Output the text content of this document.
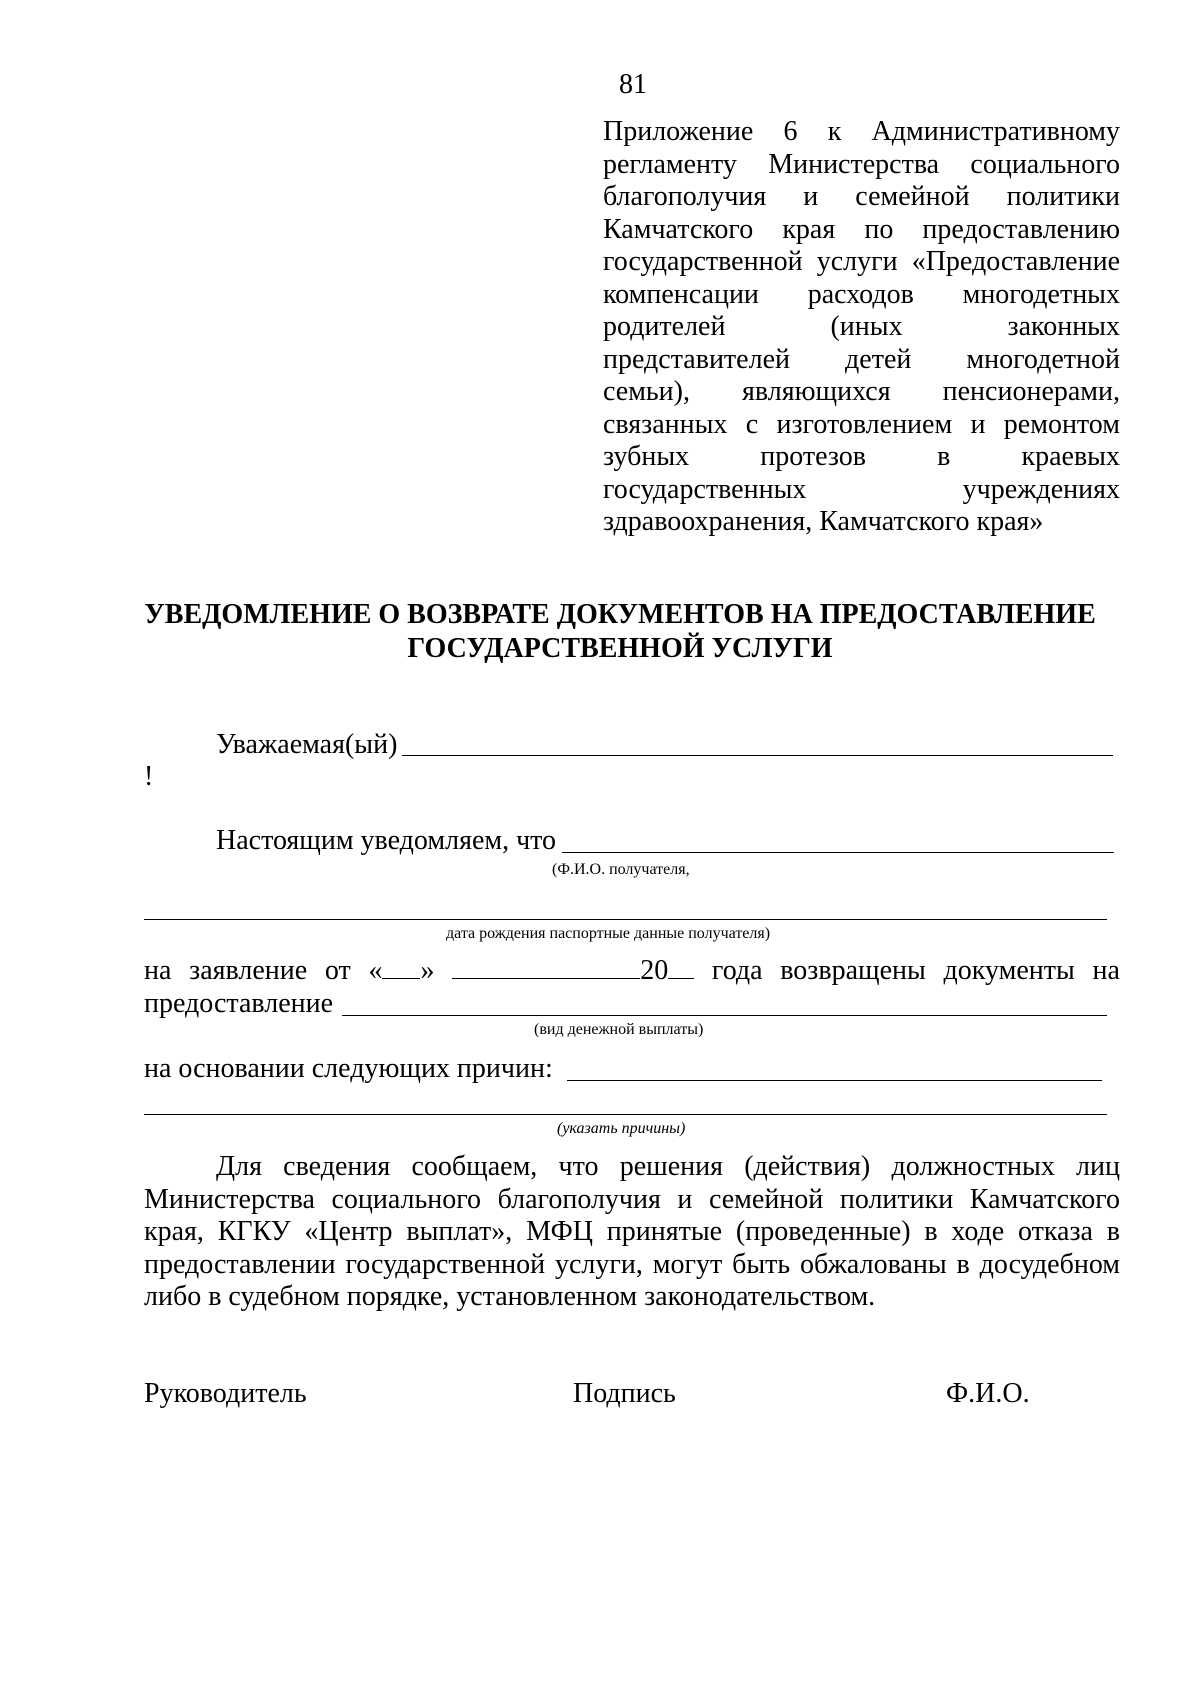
81
Приложение 6 к Административному
регламенту Министерства социального
благополучия и семейной политики
Камчатского края по предоставлению
государственной услуги «Предоставление
компенсации расходов многодетных
родителей (иных законных
представителей детей многодетной
семьи), являющихся пенсионерами,
связанных с изготовлением и ремонтом
зубных протезов в краевых
государственных учреждениях
здравоохранения, Камчатского края»
УВЕДОМЛЕНИЕ О ВОЗВРАТЕ ДОКУМЕНТОВ НА ПРЕДОСТАВЛЕНИЕ
ГОСУДАРСТВЕННОЙ УСЛУГИ
Уважаемая(ый)
!
Настоящим уведомляем, что
(Ф.И.О. получателя,
дата рождения паспортные данные получателя)
на заявление от « »	20	года возвращены документы на
предоставление
(вид денежной выплаты)
на основании следующих причин:
(указать причины)
Для сведения сообщаем, что решения (действия) должностных лиц
Министерства социального благополучия и семейной политики Камчатского
края, КГКУ «Центр выплат», МФЦ принятые (проведенные) в ходе отказа в
предоставлении государственной услуги, могут быть обжалованы в досудебном
либо в судебном порядке, установленном законодательством.
Руководитель	Подпись	Ф.И.О.
